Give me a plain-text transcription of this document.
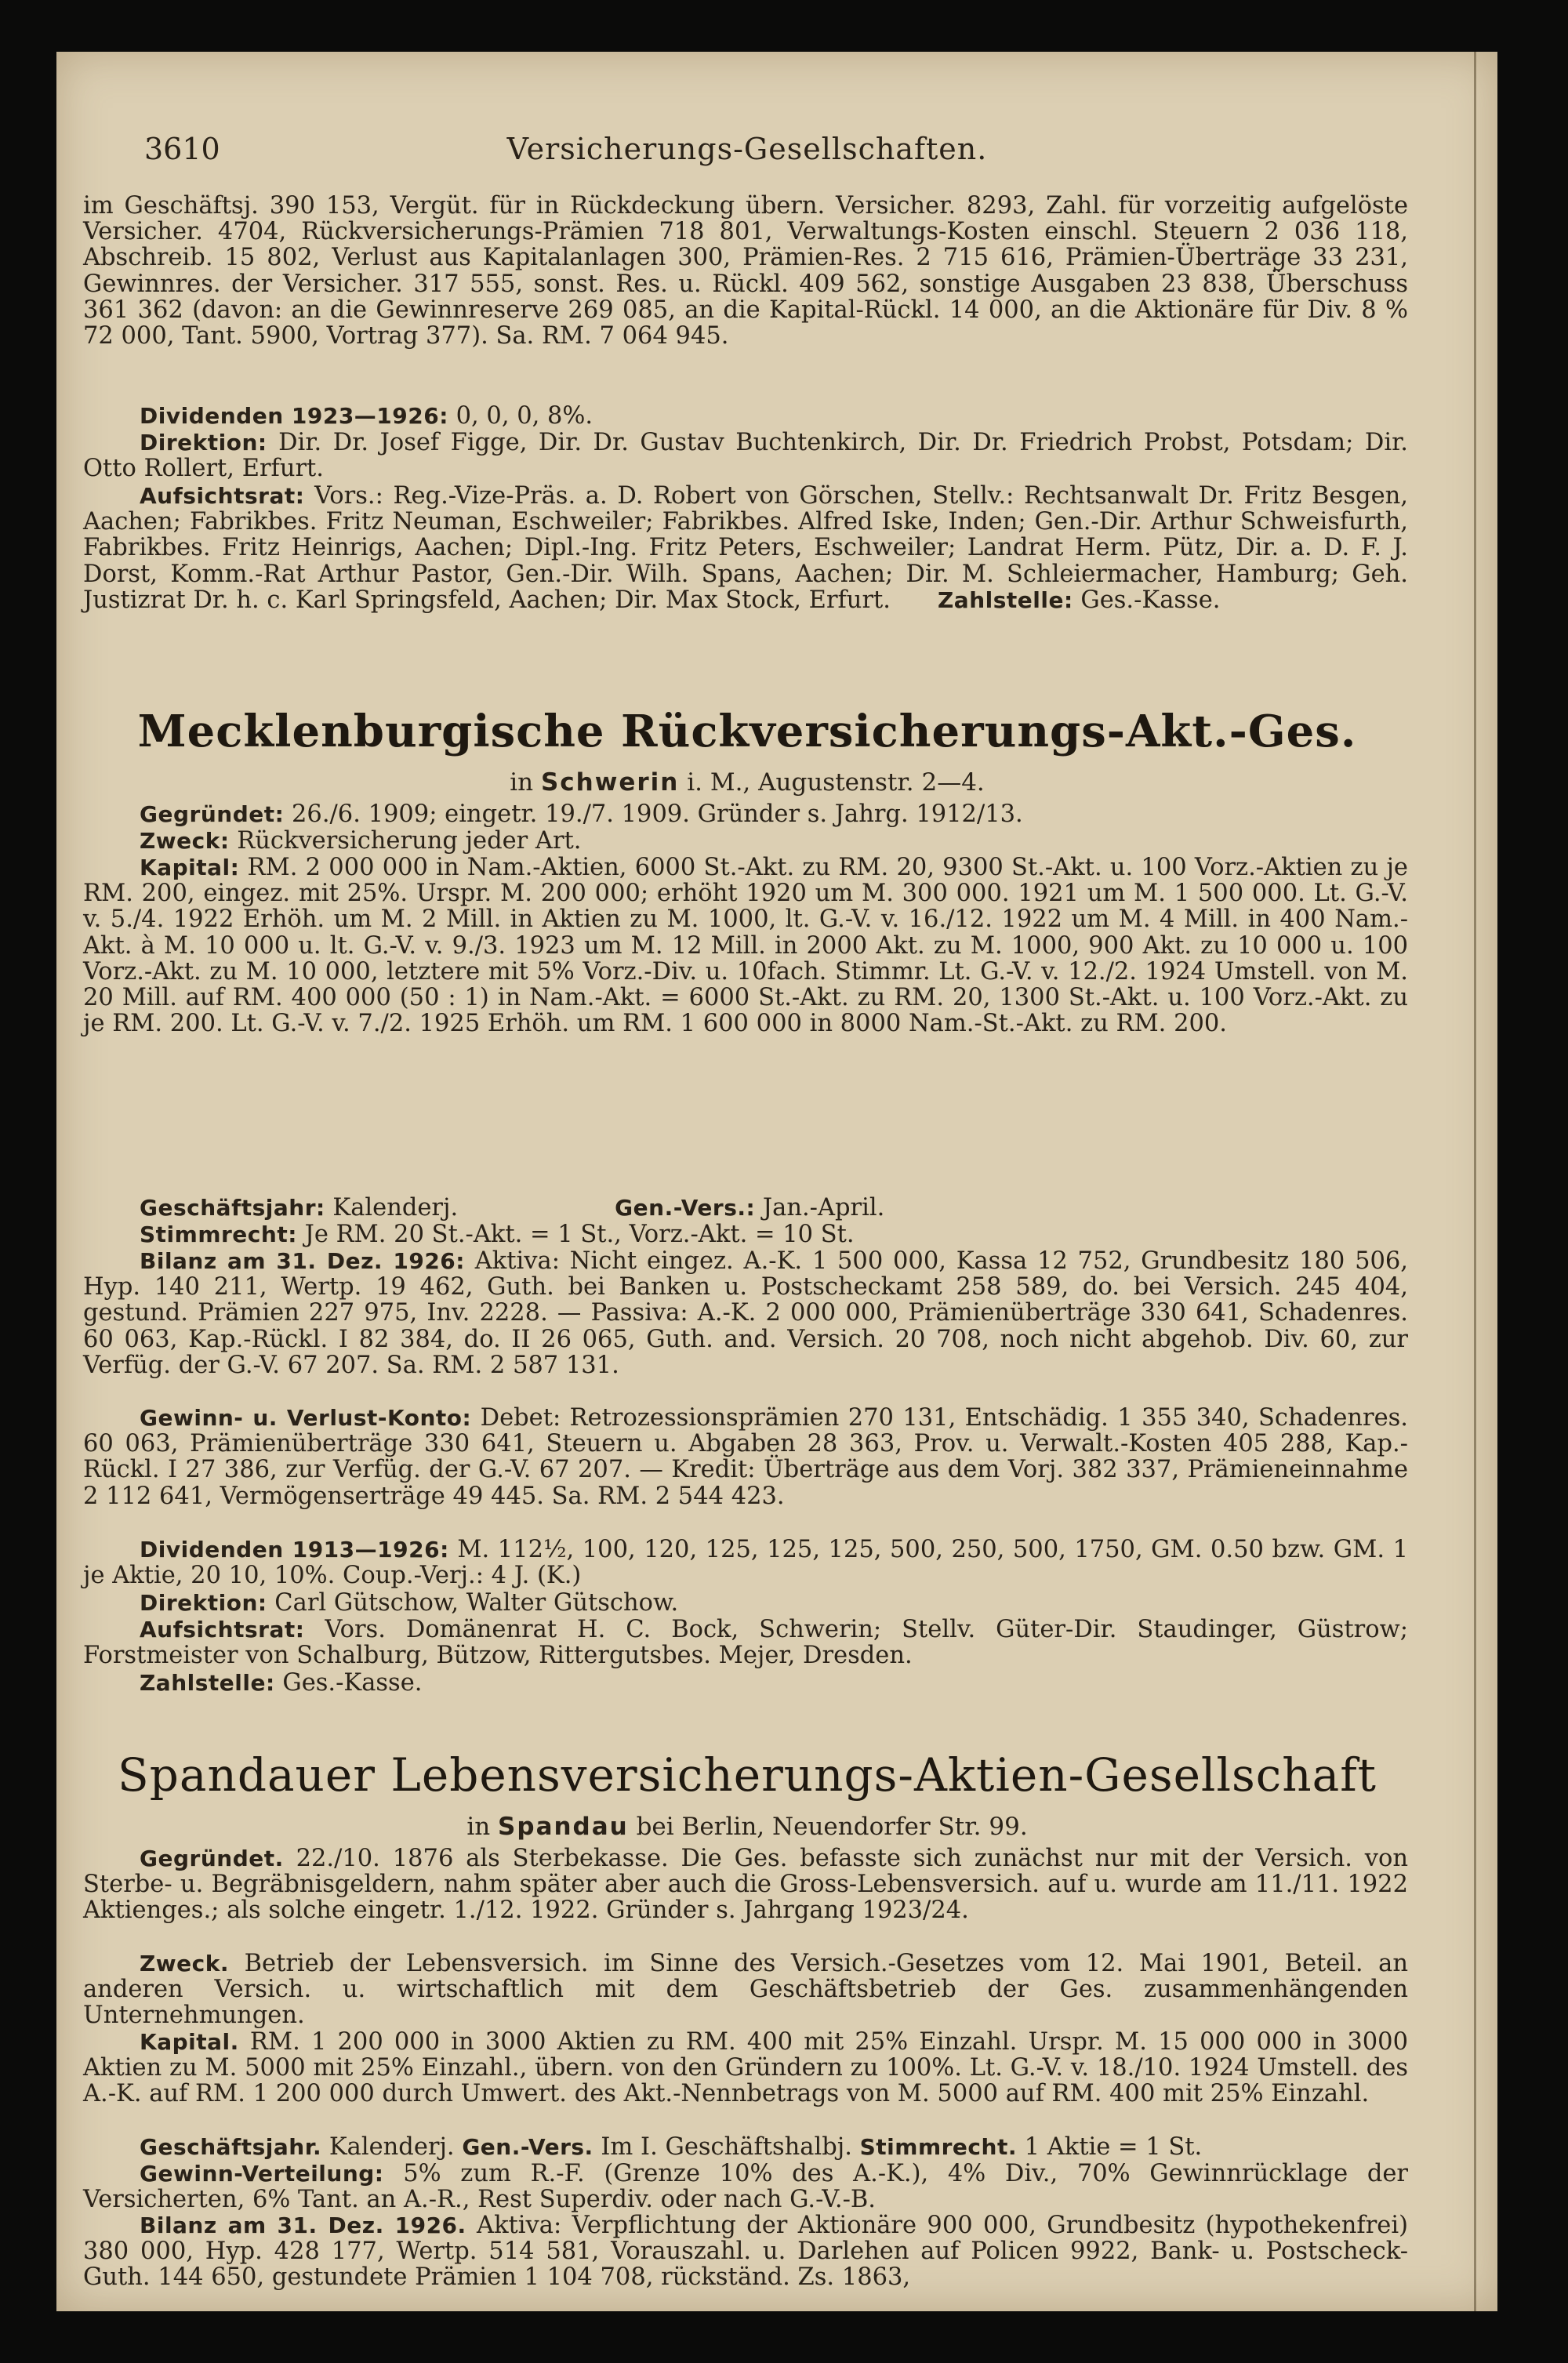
3610	Versicherungs-Gesellschaften.
im Geschäftsj. 390 153, Vergüt. für in Rückdeckung übern. Versicher. 8293, Zahl. für vorzeitig aufgelöste Versicher. 4704, Rückversicherungs-Prämien 718 801, Verwaltungs-Kosten einschl. Steuern 2 036 118, Abschreib. 15 802, Verlust aus Kapitalanlagen 300, Prämien-Res. 2 715 616, Prämien-Überträge 33 231, Gewinnres. der Versicher. 317 555, sonst. Res. u. Rückl. 409 562, sonstige Ausgaben 23 838, Überschuss 361 362 (davon: an die Gewinnreserve 269 085, an die Kapital-Rückl. 14 000, an die Aktionäre für Div. 8 % 72 000, Tant. 5900, Vortrag 377). Sa. RM. 7 064 945.
Dividenden 1923—1926: 0, 0, 0, 8%.
Direktion: Dir. Dr. Josef Figge, Dir. Dr. Gustav Buchtenkirch, Dir. Dr. Friedrich Probst, Potsdam; Dir. Otto Rollert, Erfurt.
Aufsichtsrat: Vors.: Reg.-Vize-Präs. a. D. Robert von Görschen, Stellv.: Rechtsanwalt Dr. Fritz Besgen, Aachen; Fabrikbes. Fritz Neuman, Eschweiler; Fabrikbes. Alfred Iske, Inden; Gen.-Dir. Arthur Schweisfurth, Fabrikbes. Fritz Heinrigs, Aachen; Dipl.-Ing. Fritz Peters, Eschweiler; Landrat Herm. Pütz, Dir. a. D. F. J. Dorst, Komm.-Rat Arthur Pastor, Gen.-Dir. Wilh. Spans, Aachen; Dir. M. Schleiermacher, Hamburg; Geh. Justizrat Dr. h. c. Karl Springsfeld, Aachen; Dir. Max Stock, Erfurt. Zahlstelle: Ges.-Kasse.
Mecklenburgische Rückversicherungs-Akt.-Ges.
in Schwerin i. M., Augustenstr. 2—4.
Gegründet: 26./6. 1909; eingetr. 19./7. 1909. Gründer s. Jahrg. 1912/13.
Zweck: Rückversicherung jeder Art.
Kapital: RM. 2 000 000 in Nam.-Aktien, 6000 St.-Akt. zu RM. 20, 9300 St.-Akt. u. 100 Vorz.-Aktien zu je RM. 200, eingez. mit 25%. Urspr. M. 200 000; erhöht 1920 um M. 300 000. 1921 um M. 1 500 000. Lt. G.-V. v. 5./4. 1922 Erhöh. um M. 2 Mill. in Aktien zu M. 1000, lt. G.-V. v. 16./12. 1922 um M. 4 Mill. in 400 Nam.-Akt. à M. 10 000 u. lt. G.-V. v. 9./3. 1923 um M. 12 Mill. in 2000 Akt. zu M. 1000, 900 Akt. zu 10 000 u. 100 Vorz.-Akt. zu M. 10 000, letztere mit 5% Vorz.-Div. u. 10fach. Stimmr. Lt. G.-V. v. 12./2. 1924 Umstell. von M. 20 Mill. auf RM. 400 000 (50 : 1) in Nam.-Akt. = 6000 St.-Akt. zu RM. 20, 1300 St.-Akt. u. 100 Vorz.-Akt. zu je RM. 200. Lt. G.-V. v. 7./2. 1925 Erhöh. um RM. 1 600 000 in 8000 Nam.-St.-Akt. zu RM. 200.
Geschäftsjahr: Kalenderj.	Gen.-Vers.: Jan.-April.
Stimmrecht: Je RM. 20 St.-Akt. = 1 St., Vorz.-Akt. = 10 St.
Bilanz am 31. Dez. 1926: Aktiva: Nicht eingez. A.-K. 1 500 000, Kassa 12 752, Grundbesitz 180 506, Hyp. 140 211, Wertp. 19 462, Guth. bei Banken u. Postscheckamt 258 589, do. bei Versich. 245 404, gestund. Prämien 227 975, Inv. 2228. — Passiva: A.-K. 2 000 000, Prämienüberträge 330 641, Schadenres. 60 063, Kap.-Rückl. I 82 384, do. II 26 065, Guth. and. Versich. 20 708, noch nicht abgehob. Div. 60, zur Verfüg. der G.-V. 67 207. Sa. RM. 2 587 131.
Gewinn- u. Verlust-Konto: Debet: Retrozessionsprämien 270 131, Entschädig. 1 355 340, Schadenres. 60 063, Prämienüberträge 330 641, Steuern u. Abgaben 28 363, Prov. u. Verwalt.-Kosten 405 288, Kap.-Rückl. I 27 386, zur Verfüg. der G.-V. 67 207. — Kredit: Überträge aus dem Vorj. 382 337, Prämieneinnahme 2 112 641, Vermögenserträge 49 445. Sa. RM. 2 544 423.
Dividenden 1913—1926: M. 112½, 100, 120, 125, 125, 125, 500, 250, 500, 1750, GM. 0.50 bzw. GM. 1 je Aktie, 20 10, 10%. Coup.-Verj.: 4 J. (K.)
Direktion: Carl Gütschow, Walter Gütschow.
Aufsichtsrat: Vors. Domänenrat H. C. Bock, Schwerin; Stellv. Güter-Dir. Staudinger, Güstrow; Forstmeister von Schalburg, Bützow, Rittergutsbes. Mejer, Dresden.
Zahlstelle: Ges.-Kasse.
Spandauer Lebensversicherungs-Aktien-Gesellschaft
in Spandau bei Berlin, Neuendorfer Str. 99.
Gegründet. 22./10. 1876 als Sterbekasse. Die Ges. befasste sich zunächst nur mit der Versich. von Sterbe- u. Begräbnisgeldern, nahm später aber auch die Gross-Lebensversich. auf u. wurde am 11./11. 1922 Aktienges.; als solche eingetr. 1./12. 1922. Gründer s. Jahrgang 1923/24.
Zweck. Betrieb der Lebensversich. im Sinne des Versich.-Gesetzes vom 12. Mai 1901, Beteil. an anderen Versich. u. wirtschaftlich mit dem Geschäftsbetrieb der Ges. zusammenhängenden Unternehmungen.
Kapital. RM. 1 200 000 in 3000 Aktien zu RM. 400 mit 25% Einzahl. Urspr. M. 15 000 000 in 3000 Aktien zu M. 5000 mit 25% Einzahl., übern. von den Gründern zu 100%. Lt. G.-V. v. 18./10. 1924 Umstell. des A.-K. auf RM. 1 200 000 durch Umwert. des Akt.-Nennbetrags von M. 5000 auf RM. 400 mit 25% Einzahl.
Geschäftsjahr. Kalenderj. Gen.-Vers. Im I. Geschäftshalbj. Stimmrecht. 1 Aktie = 1 St.
Gewinn-Verteilung: 5% zum R.-F. (Grenze 10% des A.-K.), 4% Div., 70% Gewinnrücklage der Versicherten, 6% Tant. an A.-R., Rest Superdiv. oder nach G.-V.-B.
Bilanz am 31. Dez. 1926. Aktiva: Verpflichtung der Aktionäre 900 000, Grundbesitz (hypothekenfrei) 380 000, Hyp. 428 177, Wertp. 514 581, Vorauszahl. u. Darlehen auf Policen 9922, Bank- u. Postscheck-Guth. 144 650, gestundete Prämien 1 104 708, rückständ. Zs. 1863,
